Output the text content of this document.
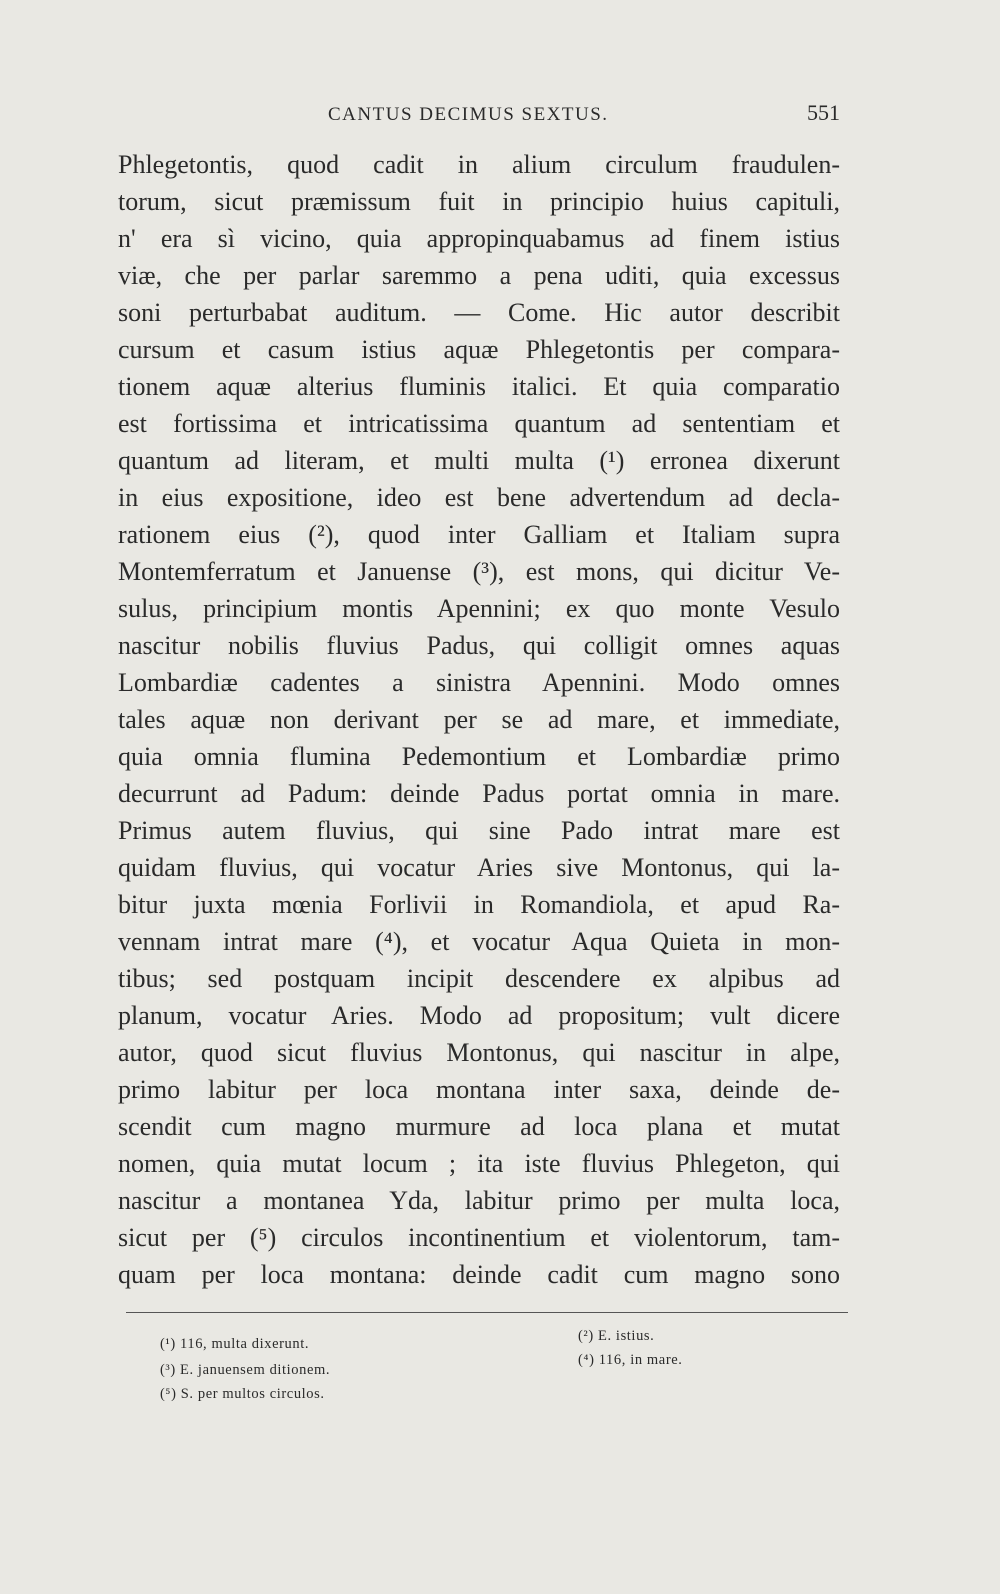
CANTUS DECIMUS SEXTUS.	551
Phlegetontis, quod cadit in alium circulum fraudulen-
torum, sicut præmissum fuit in principio huius capituli,
n' era sì vicino, quia appropinquabamus ad finem istius
viæ, che per parlar saremmo a pena uditi, quia excessus
soni perturbabat auditum. — Come. Hic autor describit
cursum et casum istius aquæ Phlegetontis per compara-
tionem aquæ alterius fluminis italici. Et quia comparatio
est fortissima et intricatissima quantum ad sententiam et
quantum ad literam, et multi multa (¹) erronea dixerunt
in eius expositione, ideo est bene advertendum ad decla-
rationem eius (²), quod inter Galliam et Italiam supra
Montemferratum et Januense (³), est mons, qui dicitur Ve-
sulus, principium montis Apennini; ex quo monte Vesulo
nascitur nobilis fluvius Padus, qui colligit omnes aquas
Lombardiæ cadentes a sinistra Apennini. Modo omnes
tales aquæ non derivant per se ad mare, et immediate,
quia omnia flumina Pedemontium et Lombardiæ primo
decurrunt ad Padum: deinde Padus portat omnia in mare.
Primus autem fluvius, qui sine Pado intrat mare est
quidam fluvius, qui vocatur Aries sive Montonus, qui la-
bitur juxta mœnia Forlivii in Romandiola, et apud Ra-
vennam intrat mare (⁴), et vocatur Aqua Quieta in mon-
tibus; sed postquam incipit descendere ex alpibus ad
planum, vocatur Aries. Modo ad propositum; vult dicere
autor, quod sicut fluvius Montonus, qui nascitur in alpe,
primo labitur per loca montana inter saxa, deinde de-
scendit cum magno murmure ad loca plana et mutat
nomen, quia mutat locum ; ita iste fluvius Phlegeton, qui
nascitur a montanea Yda, labitur primo per multa loca,
sicut per (⁵) circulos incontinentium et violentorum, tam-
quam per loca montana: deinde cadit cum magno sono
(¹) 116, multa dixerunt.	(²) E. istius.
(³) E. januensem ditionem.
(⁴) 116, in mare.
(⁵) S. per multos circulos.
